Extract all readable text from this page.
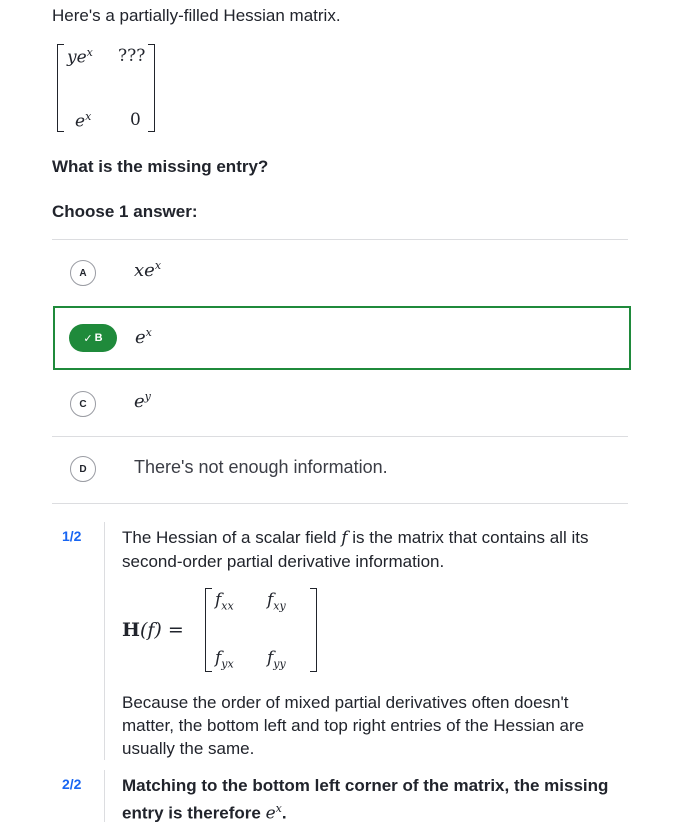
Here's a partially-filled Hessian matrix.
$ye^x$ ???
$e^x$ 0
What is the missing entry?
Choose 1 answer:
A	$xe^x$
✓ B $e^x$
C	$e^y$
D	There's not enough information.
1/2 The Hessian of a scalar field f is the matrix that contains all its second-order partial derivative information.
H(f) =
$f_{xx}$ $f_{xy}$
$f_{yx}$ $f_{yy}$
Because the order of mixed partial derivatives often doesn't matter, the bottom left and top right entries of the Hessian are usually the same.
2/2 Matching to the bottom left corner of the matrix, the missing entry is therefore $e^x$.
